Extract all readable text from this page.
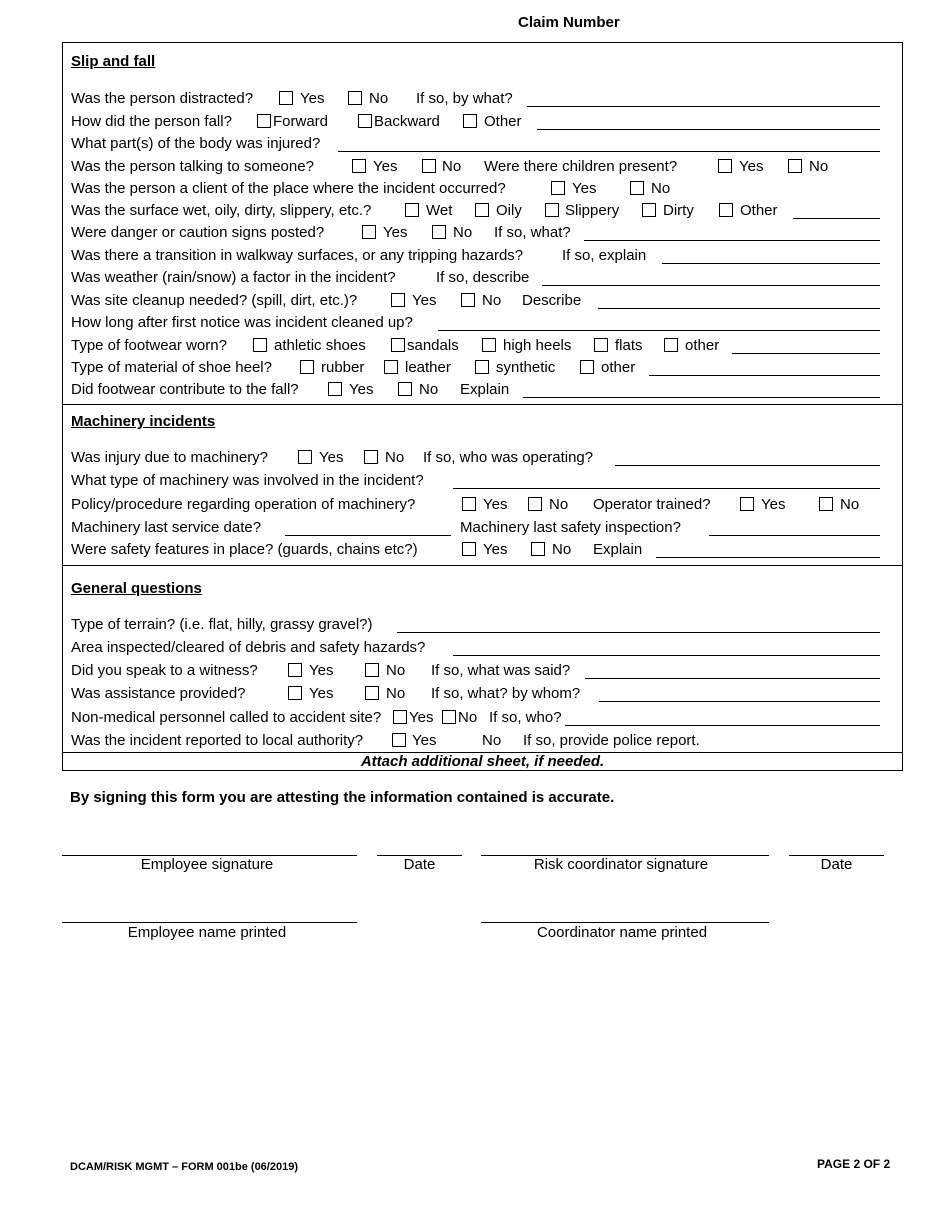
Claim Number
Slip and fall
Was the person distracted?	Yes	No If so, by what?
How did the person fall?	Forward	Backward	Other
What part(s) of the body was injured?
Was the person talking to someone?	Yes	No Were there children present?	Yes	No
Was the person a client of the place where the incident occurred?	Yes	No
Was the surface wet, oily, dirty, slippery, etc.?	Wet	Oily	Slippery	Dirty	Other
Were danger or caution signs posted?	Yes	No If so, what?
Was there a transition in walkway surfaces, or any tripping hazards?	If so, explain
Was weather (rain/snow) a factor in the incident?	If so, describe
Was site cleanup needed? (spill, dirt, etc.)?	Yes	No Describe
How long after first notice was incident cleaned up?
Type of footwear worn?	athletic shoes	sandals	high heels	flats	other
Type of material of shoe heel?	rubber	leather	synthetic	other
Did footwear contribute to the fall?	Yes	No Explain
Machinery incidents
Was injury due to machinery?	Yes	No If so, who was operating?
What type of machinery was involved in the incident?
Policy/procedure regarding operation of machinery?	Yes	No Operator trained?	Yes	No
Machinery last service date?	Machinery last safety inspection?
Were safety features in place? (guards, chains etc?)	Yes	No Explain
General questions
Type of terrain? (i.e. flat, hilly, grassy gravel?)
Area inspected/cleared of debris and safety hazards?
Did you speak to a witness?	Yes	No If so, what was said?
Was assistance provided?	Yes	No If so, what? by whom?
Non-medical personnel called to accident site? Yes No If so, who?
Was the incident reported to local authority?	Yes	No If so, provide police report.
Attach additional sheet, if needed.
By signing this form you are attesting the information contained is accurate.
Employee signature	Date	Risk coordinator signature	Date
Employee name printed	Coordinator name printed
DCAM/RISK MGMT – FORM 001be (06/2019)	PAGE 2 OF 2
